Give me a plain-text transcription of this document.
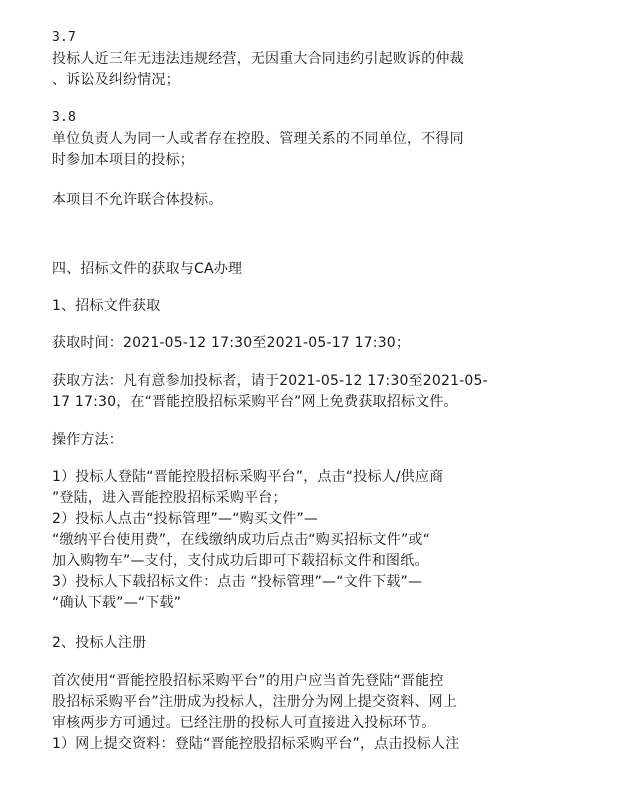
3.7
投标人近三年无违法违规经营，无因重大合同违约引起败诉的仲裁
、诉讼及纠纷情况；
3.8
单位负责人为同一人或者存在控股、管理关系的不同单位，不得同
时参加本项目的投标；
本项目不允许联合体投标。
四、招标文件的获取与CA办理
1、招标文件获取
获取时间：2021-05-12 17:30至2021-05-17 17:30；
获取方法：凡有意参加投标者，请于2021-05-12 17:30至2021-05-
17 17:30，在“晋能控股招标采购平台”网上免费获取招标文件。
操作方法：
1）投标人登陆“晋能控股招标采购平台”，点击“投标人/供应商
”登陆，进入晋能控股招标采购平台；
2）投标人点击“投标管理”—“购买文件”—
“缴纳平台使用费”，在线缴纳成功后点击“购买招标文件”或“
加入购物车”—支付，支付成功后即可下载招标文件和图纸。
3）投标人下载招标文件：点击 “投标管理”—“文件下载”—
“确认下载”—“下载”
2、投标人注册
首次使用“晋能控股招标采购平台”的用户应当首先登陆“晋能控
股招标采购平台”注册成为投标人，注册分为网上提交资料、网上
审核两步方可通过。已经注册的投标人可直接进入投标环节。
1）网上提交资料：登陆“晋能控股招标采购平台”，点击投标人注
